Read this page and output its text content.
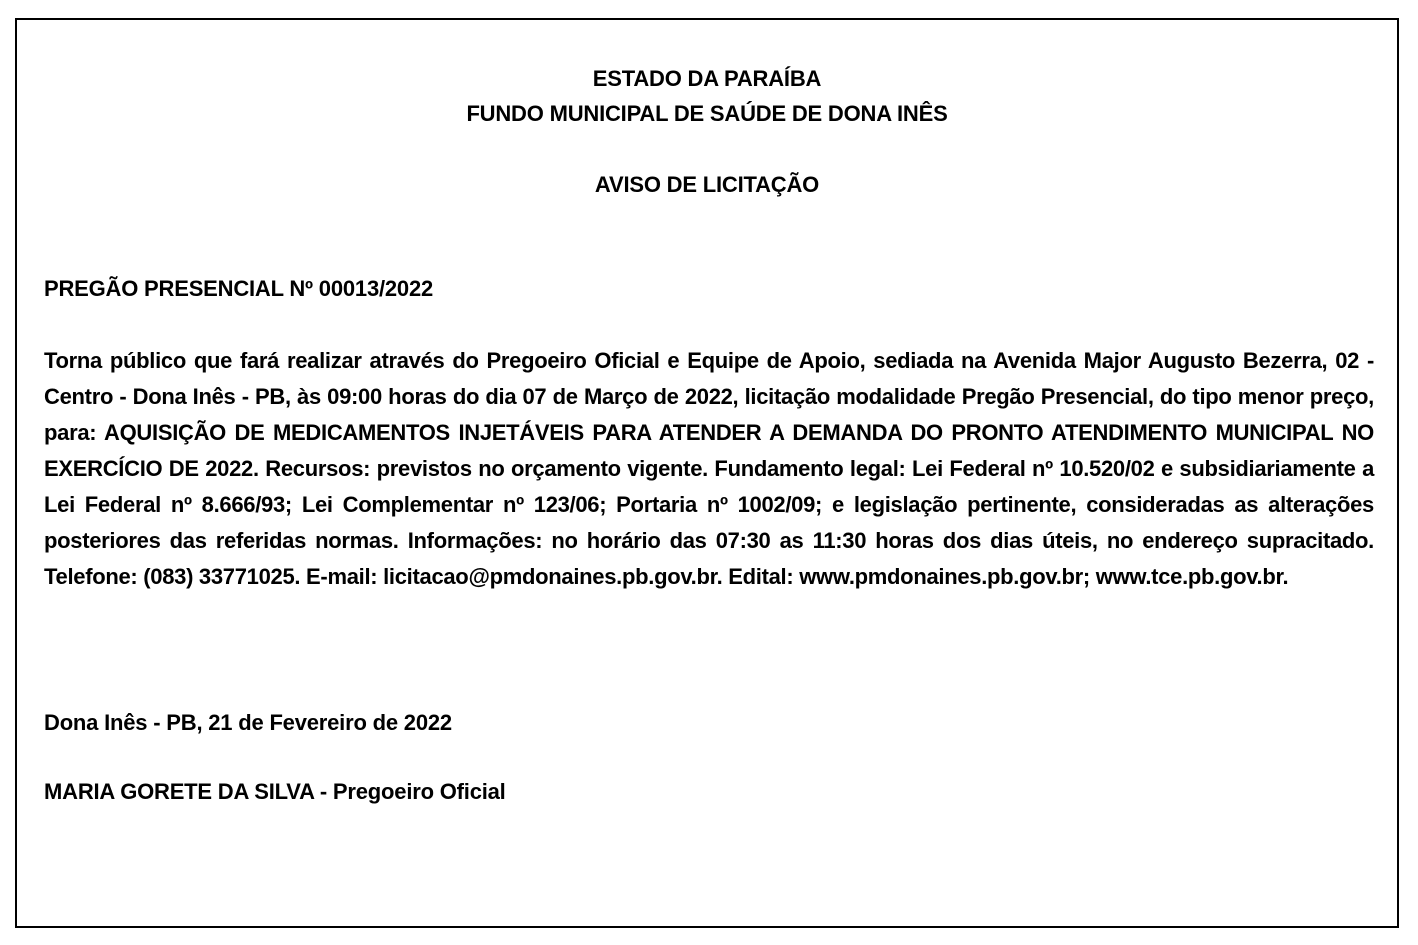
ESTADO DA PARAÍBA
FUNDO MUNICIPAL DE SAÚDE DE DONA INÊS
AVISO DE LICITAÇÃO
PREGÃO PRESENCIAL Nº 00013/2022
Torna público que fará realizar através do Pregoeiro Oficial e Equipe de Apoio, sediada na Avenida Major Augusto Bezerra, 02 - Centro - Dona Inês - PB, às 09:00 horas do dia 07 de Março de 2022, licitação modalidade Pregão Presencial, do tipo menor preço, para: AQUISIÇÃO DE MEDICAMENTOS INJETÁVEIS PARA ATENDER A DEMANDA DO PRONTO ATENDIMENTO MUNICIPAL NO EXERCÍCIO DE 2022. Recursos: previstos no orçamento vigente. Fundamento legal: Lei Federal nº 10.520/02 e subsidiariamente a Lei Federal nº 8.666/93; Lei Complementar nº 123/06; Portaria nº 1002/09; e legislação pertinente, consideradas as alterações posteriores das referidas normas. Informações: no horário das 07:30 as 11:30 horas dos dias úteis, no endereço supracitado. Telefone: (083) 33771025. E-mail: licitacao@pmdonaines.pb.gov.br. Edital: www.pmdonaines.pb.gov.br; www.tce.pb.gov.br.
Dona Inês - PB, 21 de Fevereiro de 2022
MARIA GORETE DA SILVA - Pregoeiro Oficial
